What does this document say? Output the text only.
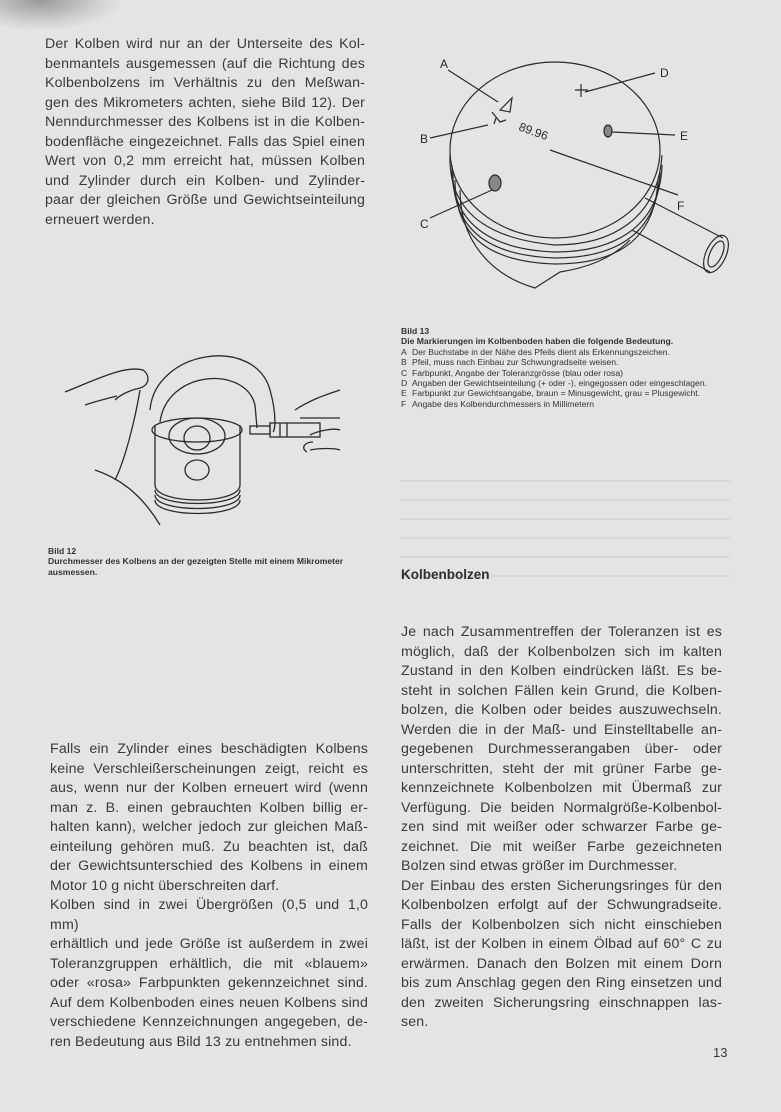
Der Kolben wird nur an der Unterseite des Kol-
benmantels ausgemessen (auf die Richtung des
Kolbenbolzens im Verhältnis zu den Meßwan-
gen des Mikrometers achten, siehe Bild 12). Der
Nenndurchmesser des Kolbens ist in die Kolben-
bodenfläche eingezeichnet. Falls das Spiel einen
Wert von 0,2 mm erreicht hat, müssen Kolben
und Zylinder durch ein Kolben- und Zylinder-
paar der gleichen Größe und Gewichtseinteilung
erneuert werden.
Bild 12
Durchmesser des Kolbens an der gezeigten Stelle mit einem Mikrometer ausmessen.
Falls ein Zylinder eines beschädigten Kolbens
keine Verschleißerscheinungen zeigt, reicht es
aus, wenn nur der Kolben erneuert wird (wenn
man z. B. einen gebrauchten Kolben billig er-
halten kann), welcher jedoch zur gleichen Maß-
einteilung gehören muß. Zu beachten ist, daß
der Gewichtsunterschied des Kolbens in einem
Motor 10 g nicht überschreiten darf.
Kolben sind in zwei Übergrößen (0,5 und 1,0 mm)
erhältlich und jede Größe ist außerdem in zwei
Toleranzgruppen erhältlich, die mit «blauem»
oder «rosa» Farbpunkten gekennzeichnet sind.
Auf dem Kolbenboden eines neuen Kolbens sind
verschiedene Kennzeichnungen angegeben, de-
ren Bedeutung aus Bild 13 zu entnehmen sind.
A
B
C
D
E
F
89.96
Bild 13
Die Markierungen im Kolbenboden haben die folgende Bedeutung.
A Der Buchstabe in der Nähe des Pfeils dient als Erkennungszeichen.
B Pfeil, muss nach Einbau zur Schwungradseite weisen.
C Farbpunkt, Angabe der Toleranzgrösse (blau oder rosa)
D Angaben der Gewichtseinteilung (+ oder -), eingegossen oder eingeschlagen.
E Farbpunkt zur Gewichtsangabe, braun = Minusgewicht, grau = Plusgewicht.
F Angabe des Kolbendurchmessers in Millimetern
Kolbenbolzen
Je nach Zusammentreffen der Toleranzen ist es
möglich, daß der Kolbenbolzen sich im kalten
Zustand in den Kolben eindrücken läßt. Es be-
steht in solchen Fällen kein Grund, die Kolben-
bolzen, die Kolben oder beides auszuwechseln.
Werden die in der Maß- und Einstelltabelle an-
gegebenen Durchmesserangaben über- oder
unterschritten, steht der mit grüner Farbe ge-
kennzeichnete Kolbenbolzen mit Übermaß zur
Verfügung. Die beiden Normalgröße-Kolbenbol-
zen sind mit weißer oder schwarzer Farbe ge-
zeichnet. Die mit weißer Farbe gezeichneten
Bolzen sind etwas größer im Durchmesser.
Der Einbau des ersten Sicherungsringes für den
Kolbenbolzen erfolgt auf der Schwungradseite.
Falls der Kolbenbolzen sich nicht einschieben
läßt, ist der Kolben in einem Ölbad auf 60° C zu
erwärmen. Danach den Bolzen mit einem Dorn
bis zum Anschlag gegen den Ring einsetzen und
den zweiten Sicherungsring einschnappen las-
sen.
13
